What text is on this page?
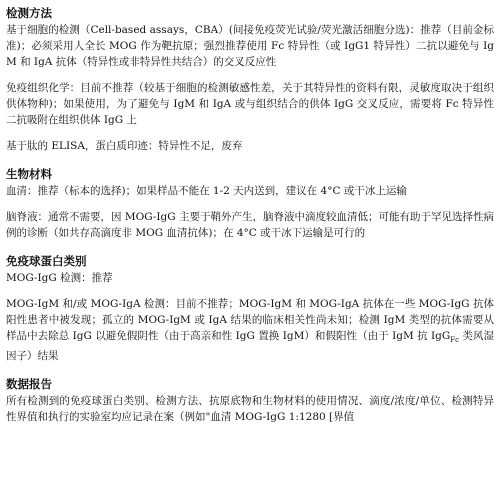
检测方法

基于细胞的检测（Cell-based assays，CBA）(间接免疫荧光试验/荧光激活细胞分选)：推荐（目前金标准)；必须采用人全长 MOG 作为靶抗原；强烈推荐使用 Fc 特异性（或 IgG1 特异性）二抗以避免与 IgM 和 IgA 抗体（特异性或非特异性共结合）的交叉反应性

免疫组织化学：目前不推荐（较基于细胞的检测敏感性差，关于其特异性的资料有限，灵敏度取决于组织供体物种)；如果使用，为了避免与 IgM 和 IgA 或与组织结合的供体 IgG 交叉反应，需要将 Fc 特异性二抗吸附在组织供体 IgG 上

基于肽的 ELISA，蛋白质印迹：特异性不足，废弃

生物材料

血清：推荐（标本的选择)；如果样品不能在 1-2 天内送到，建议在 4°C 或干冰上运输

脑脊液：通常不需要，因 MOG-IgG 主要于鞘外产生，脑脊液中滴度较血清低；可能有助于罕见选择性病例的诊断（如共存高滴度非 MOG 血清抗体)；在 4°C 或干冰下运输是可行的

免疫球蛋白类别

MOG-IgG 检测：推荐

MOG-IgM 和/或 MOG-IgA 检测：目前不推荐；MOG-IgM 和 MOG-IgA 抗体在一些 MOG-IgG 抗体阳性患者中被发现；孤立的 MOG-IgM 或 IgA 结果的临床相关性尚未知；检测 IgM 类型的抗体需要从样品中去除总 IgG 以避免假阴性（由于高亲和性 IgG 置换 IgM）和假阳性（由于 IgM 抗 IgG$_{Fc}$ 类风湿因子）结果

数据报告

所有检测到的免疫球蛋白类别、检测方法、抗原底物和生物材料的使用情况、滴度/浓度/单位、检测特异性界值和执行的实验室均应记录在案（例如"血清 MOG-IgG 1:1280 [界值
